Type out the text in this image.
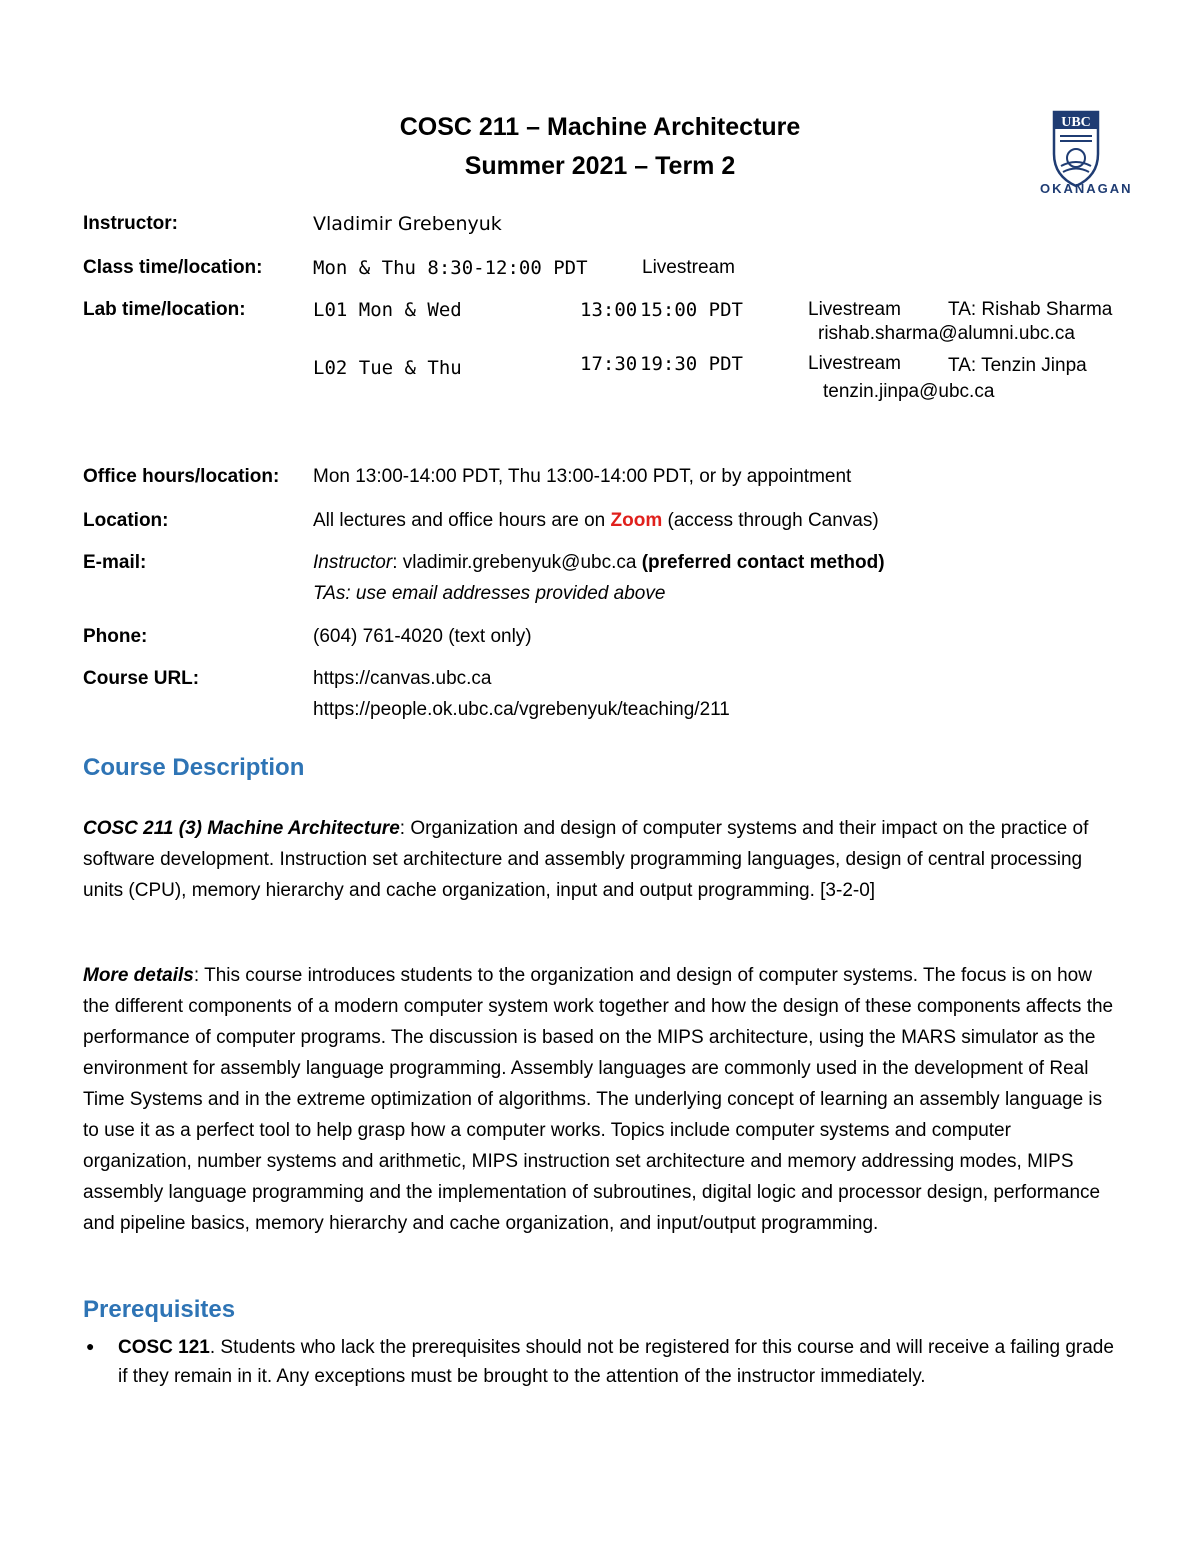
UBC
OKANAGAN
COSC 211 – Machine Architecture
Summer 2021 – Term 2
Instructor:	Vladimir Grebenyuk
Class time/location:	Mon & Thu 8:30-12:00 PDT	Livestream
Lab time/location:	L01 Mon & Wed	13:00 15:00 PDT	Livestream TA: Rishab Sharma
rishab.sharma@alumni.ubc.ca
L02 Tue & Thu	17:30 19:30 PDT	Livestream TA: Tenzin Jinpa
tenzin.jinpa@ubc.ca
Office hours/location: Mon 13:00-14:00 PDT, Thu 13:00-14:00 PDT, or by appointment
Location:	All lectures and office hours are on Zoom (access through Canvas)
E-mail:	Instructor: vladimir.grebenyuk@ubc.ca (preferred contact method)
TAs: use email addresses provided above
Phone:	(604) 761-4020 (text only)
Course URL:	https://canvas.ubc.ca
https://people.ok.ubc.ca/vgrebenyuk/teaching/211
Course Description

COSC 211 (3) Machine Architecture: Organization and design of computer systems and their impact on the practice of software development. Instruction set architecture and assembly programming languages, design of central processing units (CPU), memory hierarchy and cache organization, input and output programming. [3-2-0]

More details: This course introduces students to the organization and design of computer systems. The focus is on how the different components of a modern computer system work together and how the design of these components affects the performance of computer programs. The discussion is based on the MIPS architecture, using the MARS simulator as the environment for assembly language programming. Assembly languages are commonly used in the development of Real Time Systems and in the extreme optimization of algorithms. The underlying concept of learning an assembly language is to use it as a perfect tool to help grasp how a computer works. Topics include computer systems and computer organization, number systems and arithmetic, MIPS instruction set architecture and memory addressing modes, MIPS assembly language programming and the implementation of subroutines, digital logic and processor design, performance and pipeline basics, memory hierarchy and cache organization, and input/output programming.

Prerequisites
● COSC 121. Students who lack the prerequisites should not be registered for this course and will receive a failing grade if they remain in it. Any exceptions must be brought to the attention of the instructor immediately.
